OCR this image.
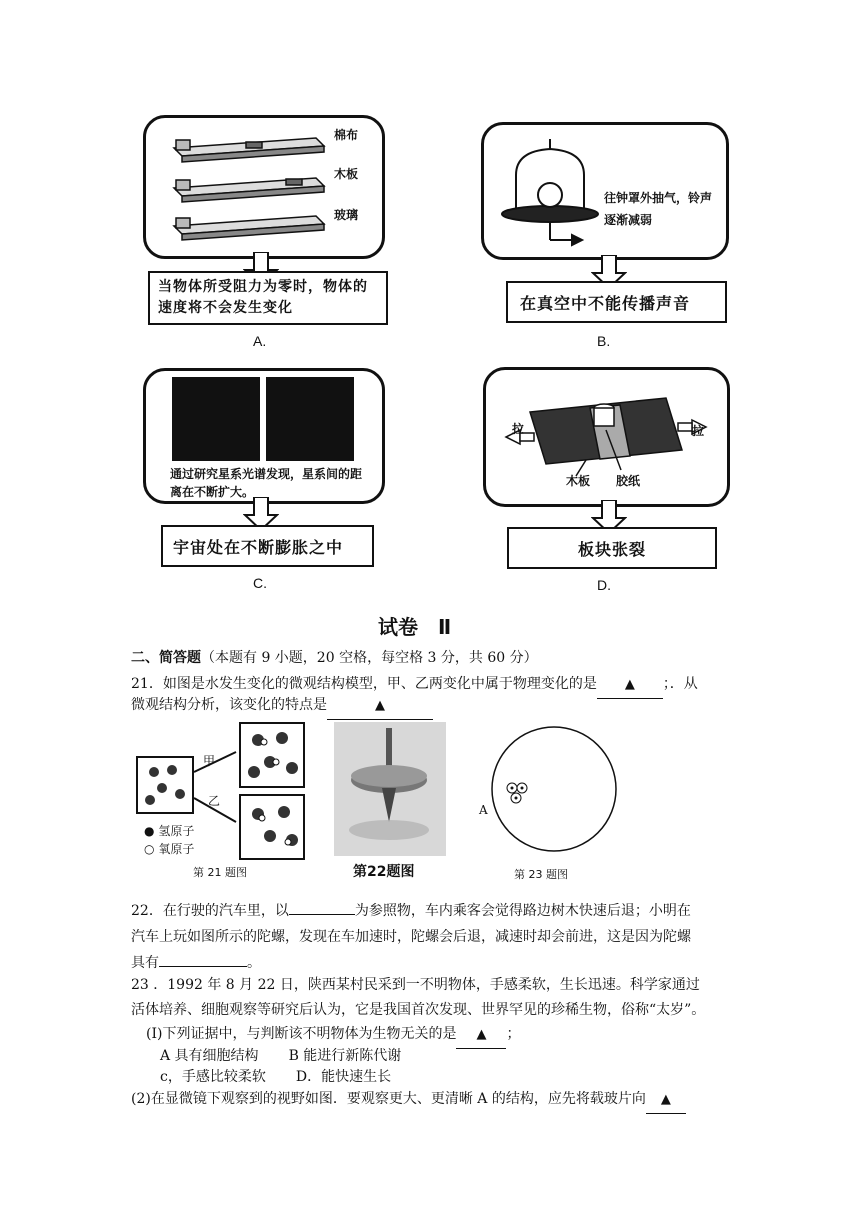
棉布
木板
玻璃
当物体所受阻力为零时，物体的速度将不会发生变化
A.
往钟罩外抽气，铃声逐渐减弱
在真空中不能传播声音
B.
通过研究星系光谱发现，星系间的距离在不断扩大。
宇宙处在不断膨胀之中
C.
拉	拉
木板 胶纸
板块张裂
D.
试卷　Ⅱ
二、简答题（本题有 9 小题，20 空格，每空格 3 分，共 60 分）
21．如图是水发生变化的微观结构模型，甲、乙两变化中属于物理变化的是 ▲ ；．从
微观结构分析，该变化的特点是	▲
甲
乙
● 氢原子
○ 氧原子
第 21 题图	第22题图
A
第 23 题图
22．在行驶的汽车里，以	为参照物，车内乘客会觉得路边树木快速后退；小明在
汽车上玩如图所示的陀螺，发现在车加速时，陀螺会后退，减速时却会前进，这是因为陀螺
具有	。
23 ．1992 年 8 月 22 日，陕西某村民采到一不明物体，手感柔软，生长迅速。科学家通过
活体培养、细胞观察等研究后认为，它是我国首次发现、世界罕见的珍稀生物，俗称“太岁”。
(I)下列证据中，与判断该不明物体为生物无关的是 ▲ ；
A 具有细胞结构 B 能进行新陈代谢
c，手感比较柔软 D．能快速生长
(2)在显微镜下观察到的视野如图．要观察更大、更清晰 A 的结构，应先将载玻片向 ▲
